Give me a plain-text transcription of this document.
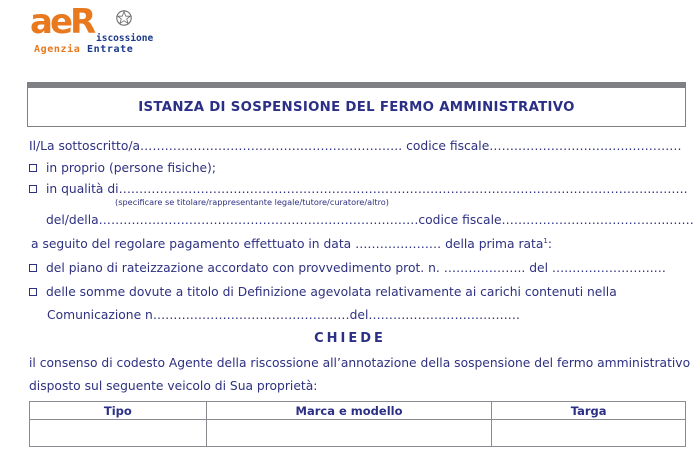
aeR iscossione
Agenzia Entrate
ISTANZA DI SOSPENSIONE DEL FERMO AMMINISTRATIVO
Il/La sottoscritto/a………………………………………………………. codice fiscale……………………………..…………
in proprio (persone fisiche);
in qualità di…………………………………………………………………………………………………………………...…….
(specificare se titolare/rappresentante legale/tutore/curatore/altro)
del/della……………………………………………………………………codice fiscale…………………………………..……
a seguito del regolare pagamento effettuato in data ………………… della prima rata$^1$:
del piano di rateizzazione accordato con provvedimento prot. n. ……………….. del ….…….…….…….…
delle somme dovute a titolo di Definizione agevolata relativamente ai carichi contenuti nella
Comunicazione n…………………………………………del……………………………….
CHIEDE
il consenso di codesto Agente della riscossione all’annotazione della sospensione del fermo amministrativo
disposto sul seguente veicolo di Sua proprietà:
Tipo	Marca e modello	Targa
